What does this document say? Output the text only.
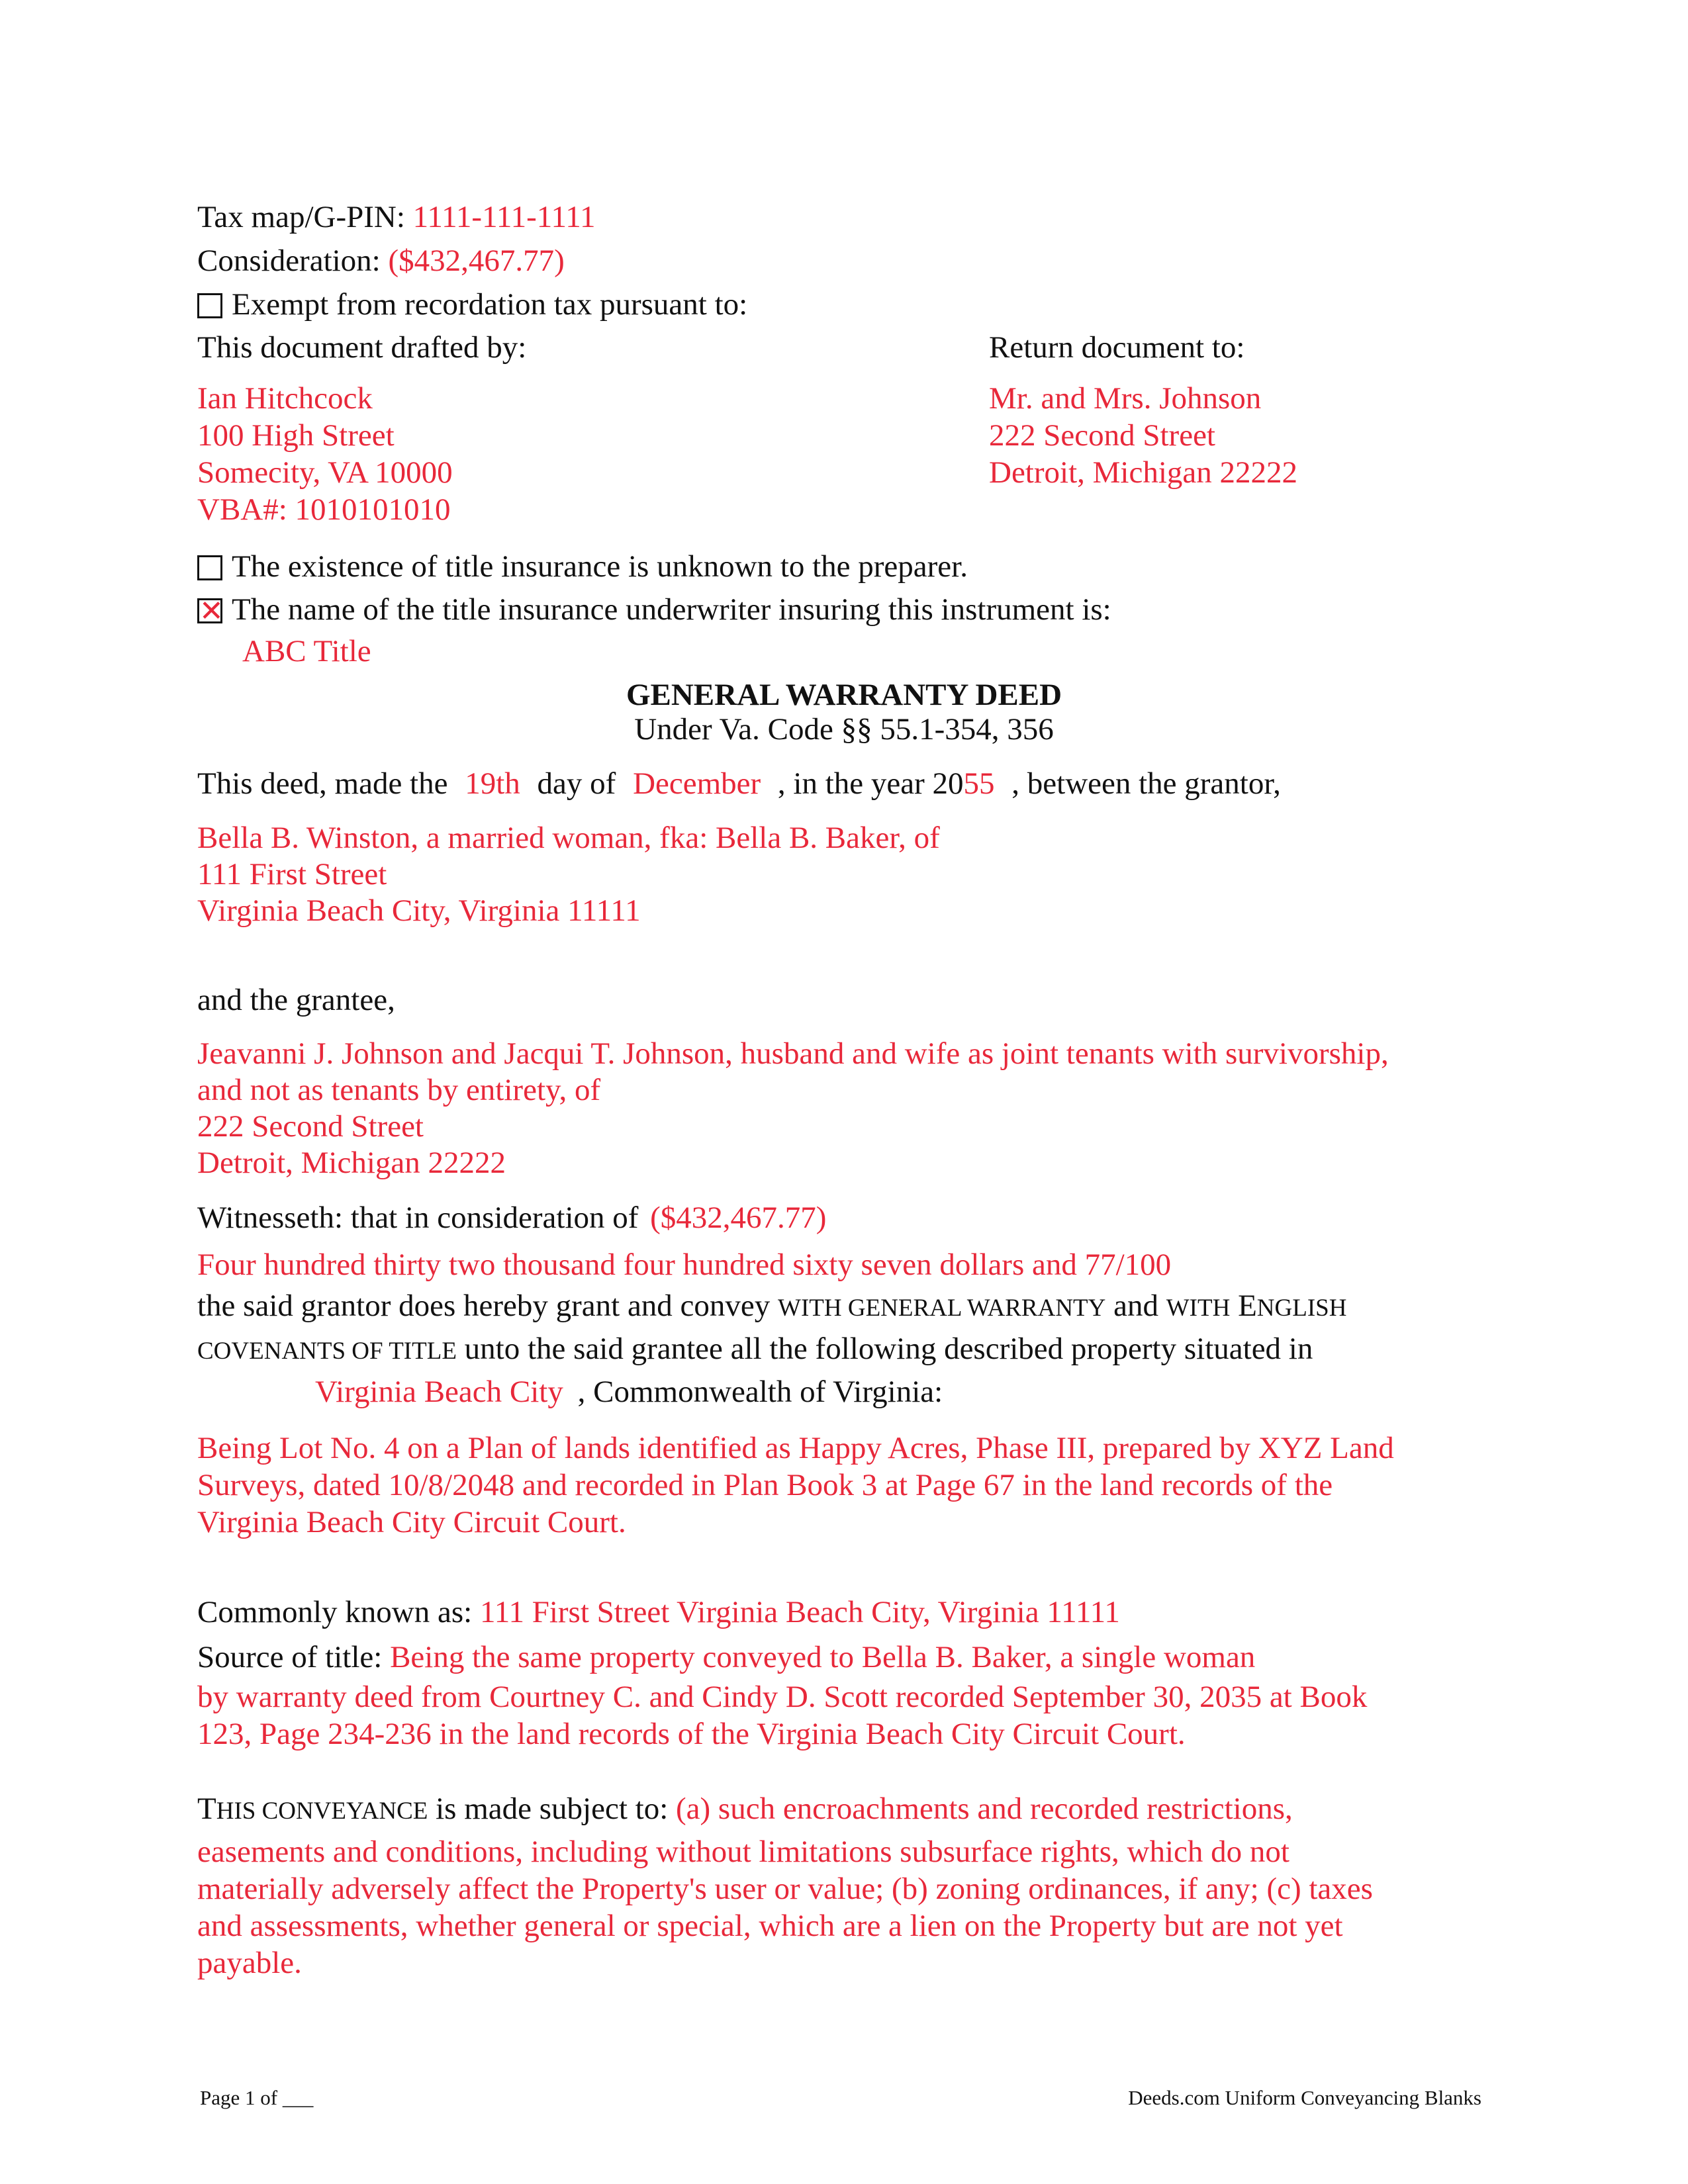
Tax map/G-PIN: 1111-111-1111
Consideration: ($432,467.77)
Exempt from recordation tax pursuant to:
This document drafted by:	Return document to:
Ian Hitchcock
100 High Street
Somecity, VA 10000
VBA#: 1010101010
Mr. and Mrs. Johnson
222 Second Street
Detroit, Michigan 22222
The existence of title insurance is unknown to the preparer.
✕ The name of the title insurance underwriter insuring this instrument is:
ABC Title
GENERAL WARRANTY DEED
Under Va. Code §§ 55.1-354, 356
This deed, made the 19th day of December , in the year 2055 , between the grantor,
Bella B. Winston, a married woman, fka: Bella B. Baker, of
111 First Street
Virginia Beach City, Virginia 11111
and the grantee,
Jeavanni J. Johnson and Jacqui T. Johnson, husband and wife as joint tenants with survivorship,
and not as tenants by entirety, of
222 Second Street
Detroit, Michigan 22222
Witnesseth: that in consideration of ($432,467.77)
Four hundred thirty two thousand four hundred sixty seven dollars and 77/100
the said grantor does hereby grant and convey WITH GENERAL WARRANTY and WITH ENGLISH
COVENANTS OF TITLE unto the said grantee all the following described property situated in
Virginia Beach City , Commonwealth of Virginia:
Being Lot No. 4 on a Plan of lands identified as Happy Acres, Phase III, prepared by XYZ Land
Surveys, dated 10/8/2048 and recorded in Plan Book 3 at Page 67 in the land records of the
Virginia Beach City Circuit Court.
Commonly known as: 111 First Street Virginia Beach City, Virginia 11111
Source of title: Being the same property conveyed to Bella B. Baker, a single woman
by warranty deed from Courtney C. and Cindy D. Scott recorded September 30, 2035 at Book
123, Page 234-236 in the land records of the Virginia Beach City Circuit Court.
THIS CONVEYANCE is made subject to: (a) such encroachments and recorded restrictions,
easements and conditions, including without limitations subsurface rights, which do not
materially adversely affect the Property's user or value; (b) zoning ordinances, if any; (c) taxes
and assessments, whether general or special, which are a lien on the Property but are not yet
payable.
Page 1 of ___	Deeds.com Uniform Conveyancing Blanks
